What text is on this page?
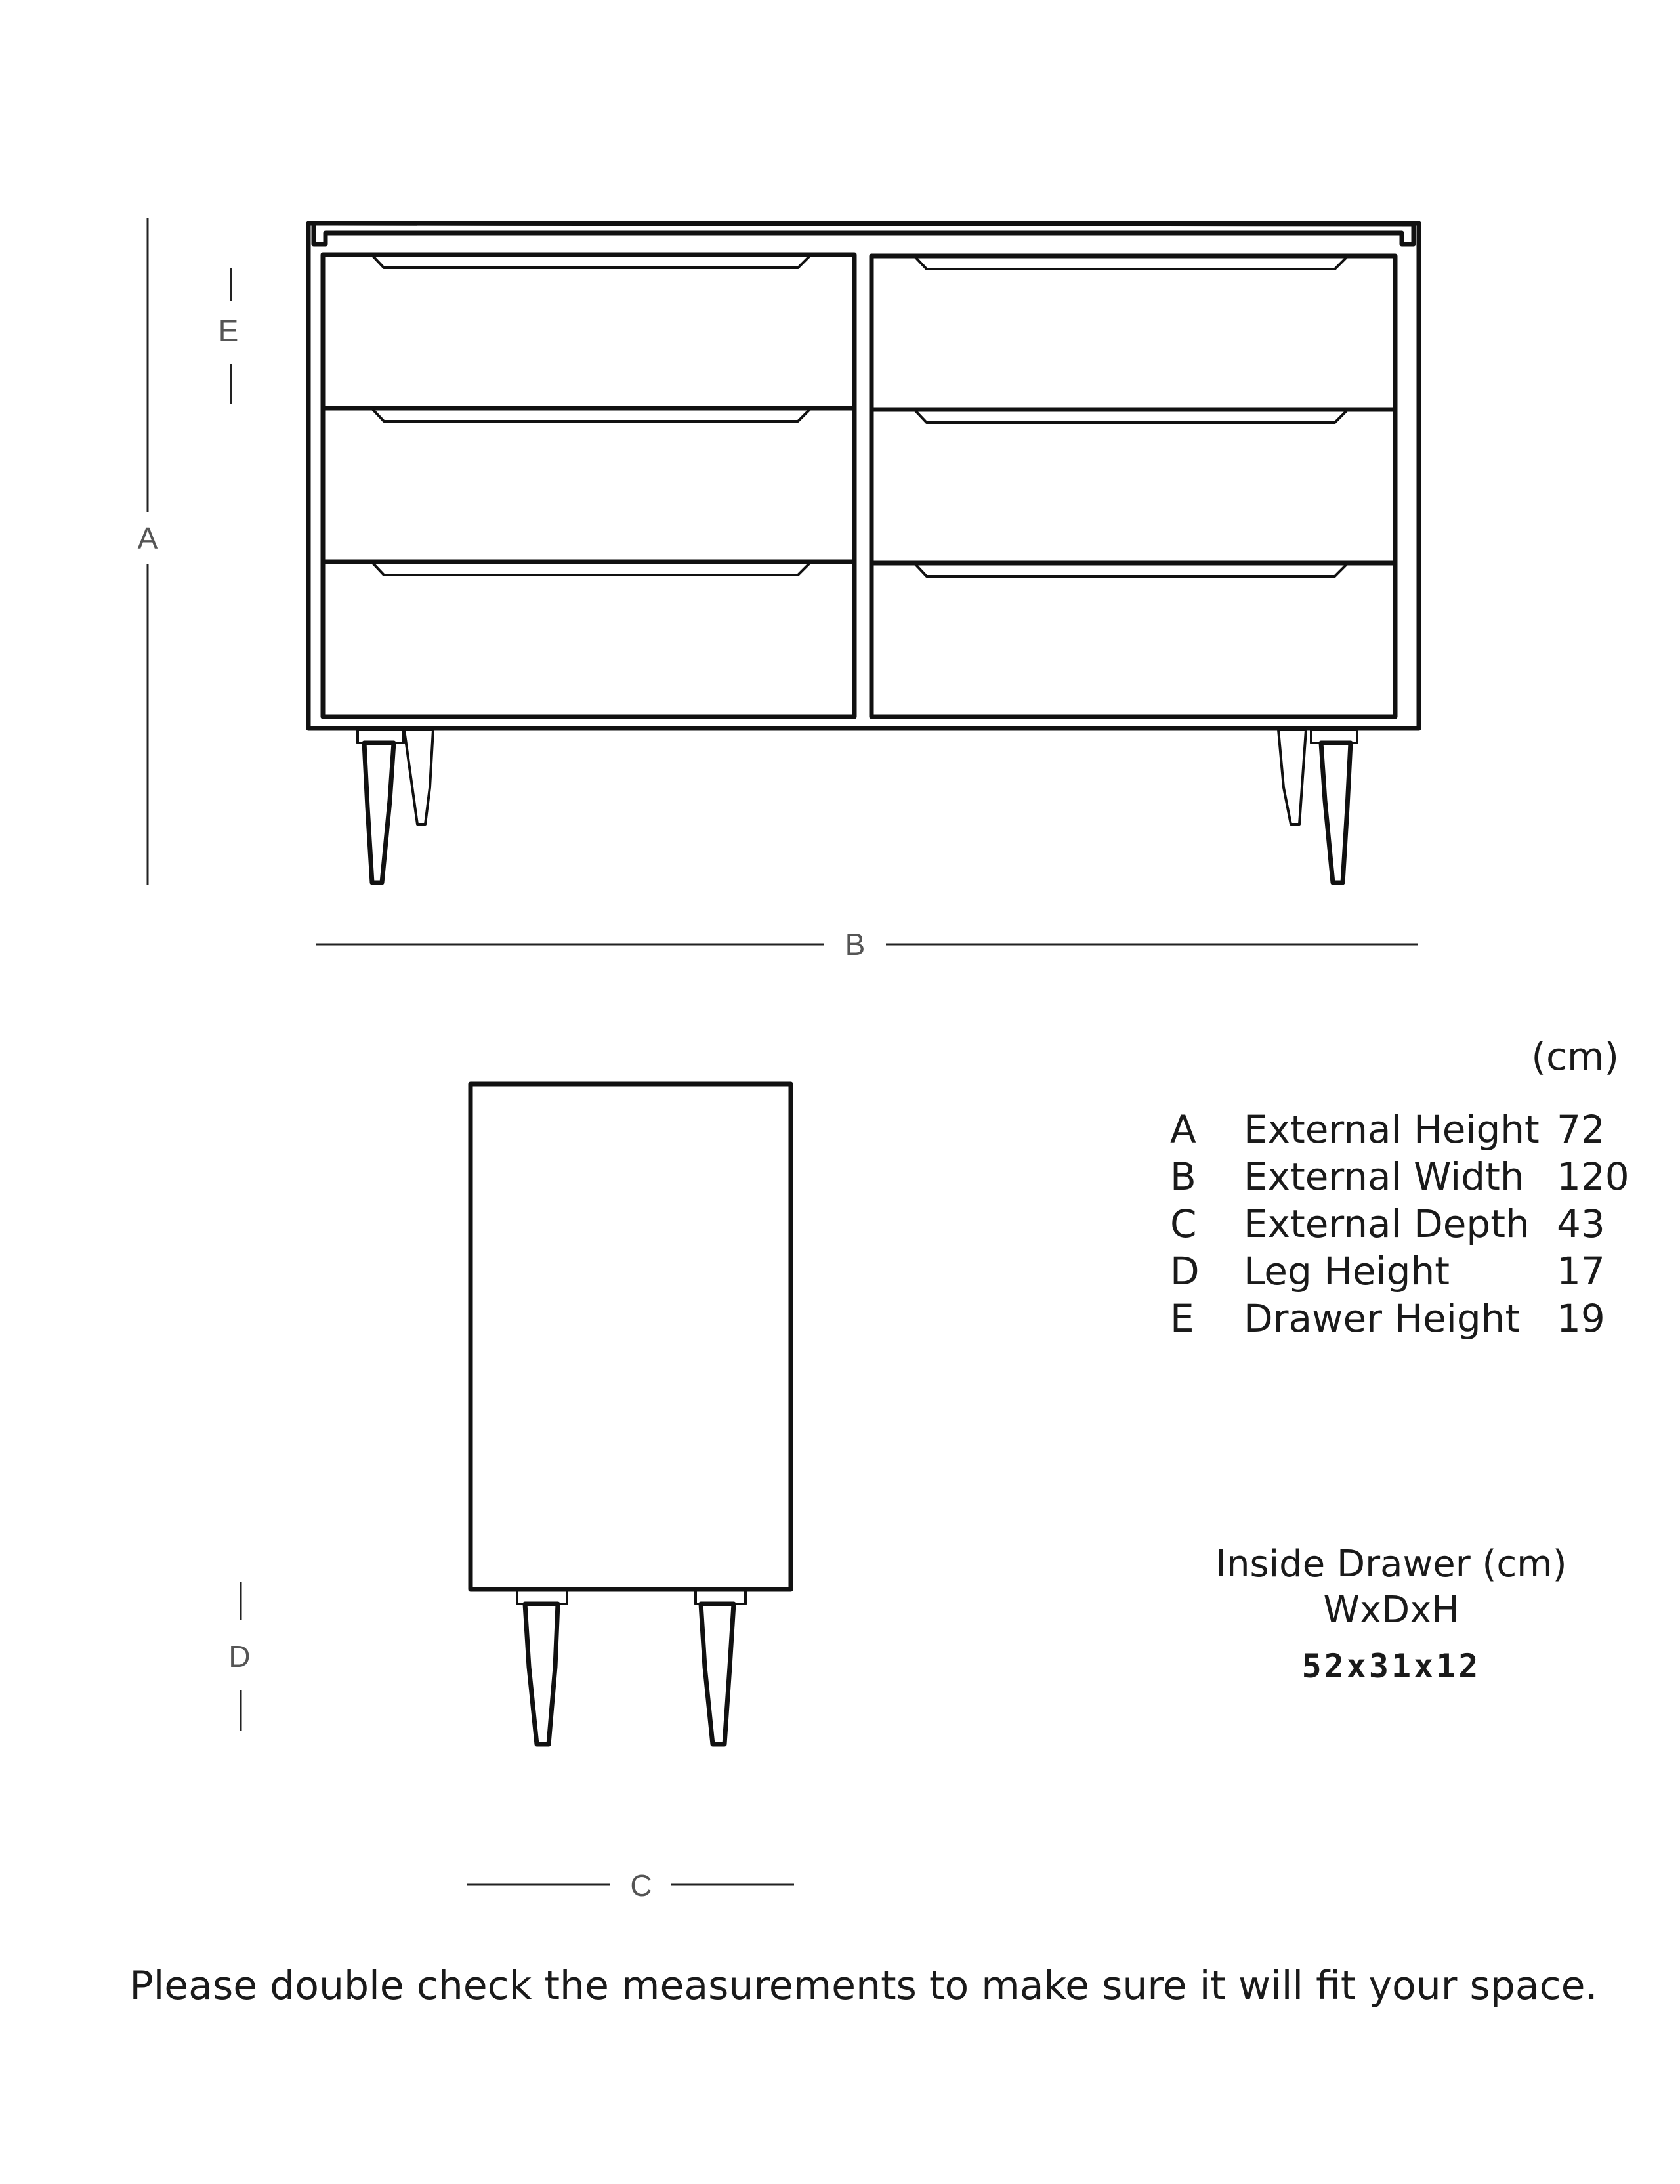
A
E
B
D
C
(cm)
A External Height 72
B External Width 120
C External Depth 43
D Leg Height	17
E Drawer Height 19
Inside Drawer (cm)
WxDxH
52x31x12
Please double check the measurements to make sure it will fit your space.
